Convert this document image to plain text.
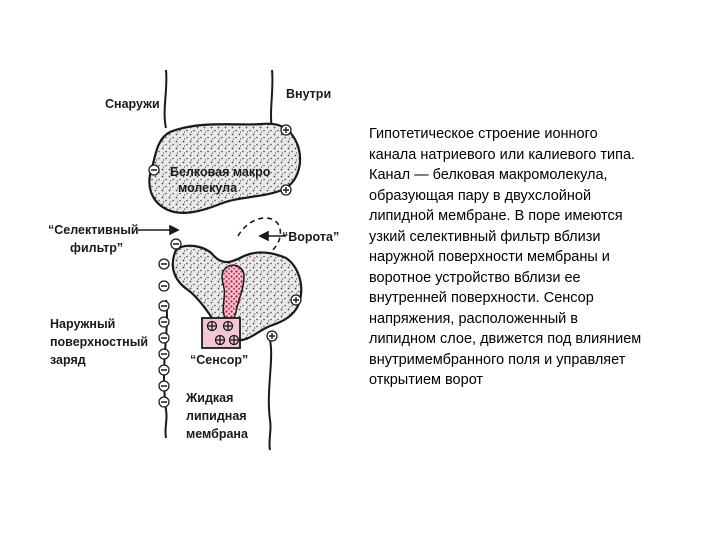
Снаружи
Внутри
Белковая макро
молекула
“Селективный
фильтр”
“Ворота”
Наружный
поверхностный
заряд	“Сенсор”
Жидкая
липидная
мембрана
Гипотетическое строение ионного
канала натриевого или калиевого типа.
Канал — белковая макромолекула,
образующая пару в двухслойной
липидной мембране. В поре имеются
узкий селективный фильтр вблизи
наружной поверхности мембраны и
воротное устройство вблизи ее
внутренней поверхности. Сенсор
напряжения, расположенный в
липидном слое, движется под влиянием
внутримембранного поля и управляет
открытием ворот
